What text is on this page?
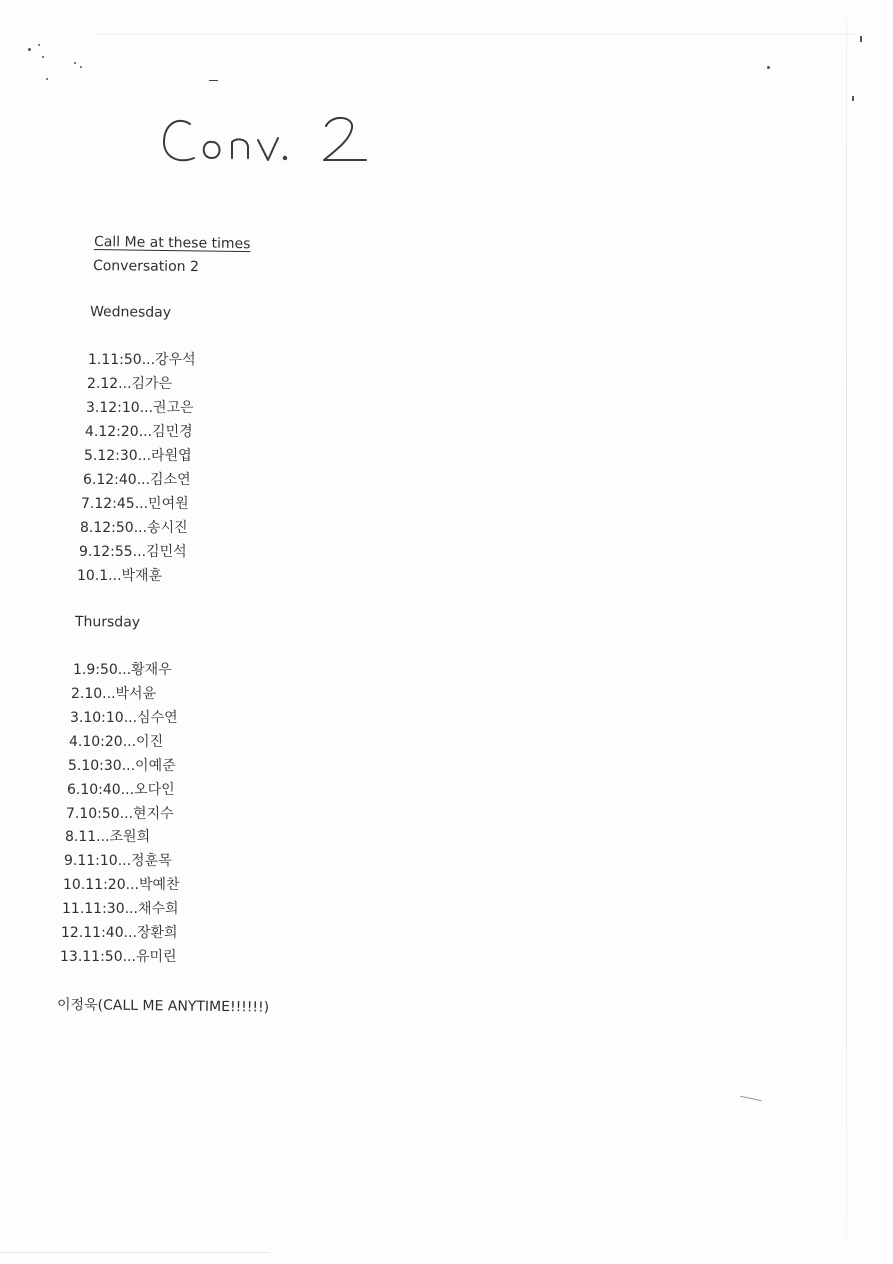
Call Me at these times
Conversation 2
Wednesday
1.11:50...강우석
2.12...김가은
3.12:10...권고은
4.12:20...김민경
5.12:30...라원엽
6.12:40...김소연
7.12:45...민여원
8.12:50...송시진
9.12:55...김민석
10.1...박재훈
Thursday
1.9:50...황재우
2.10...박서윤
3.10:10...심수연
4.10:20...이진
5.10:30...이예준
6.10:40...오다인
7.10:50...현지수
8.11...조원희
9.11:10...정훈목
10.11:20...박예찬
11.11:30...채수희
12.11:40...장환희
13.11:50...유미린
이정욱(CALL ME ANYTIME!!!!!!)
